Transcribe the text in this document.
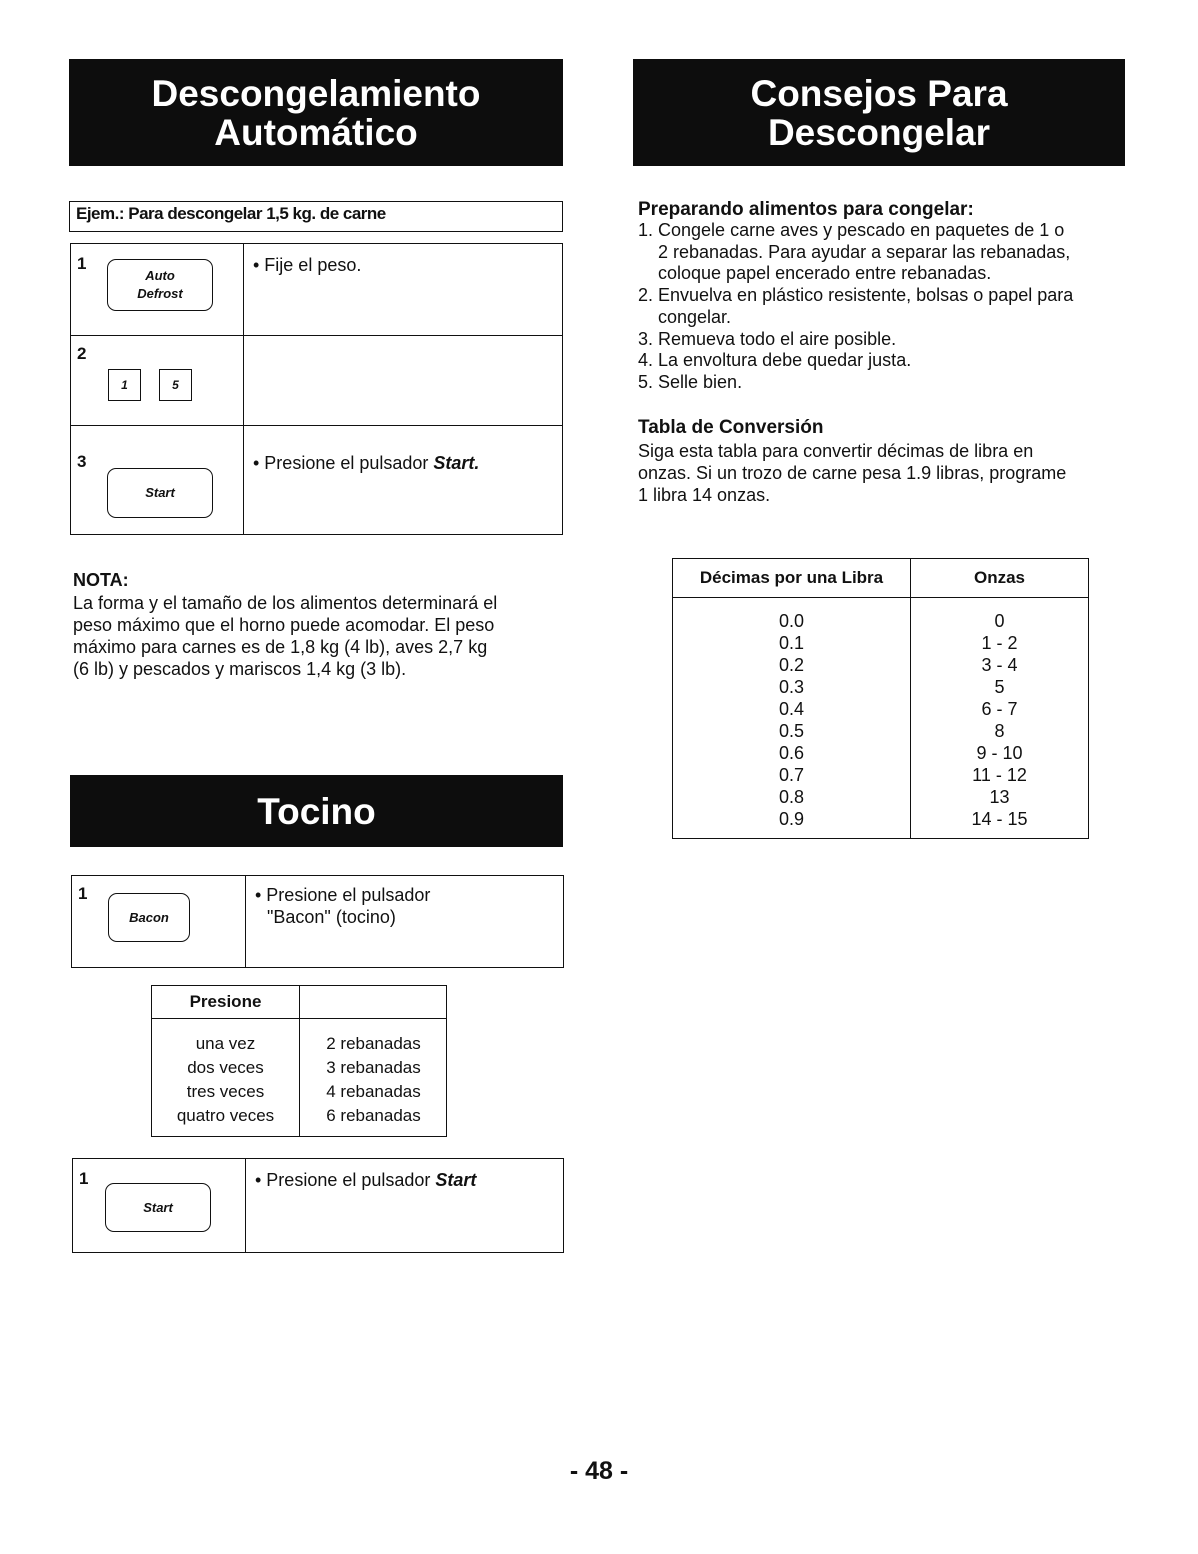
Descongelamiento
Automático
Ejem.: Para descongelar 1,5 kg. de carne
1
Auto
Defrost
• Fije el peso.
2
1	5
3
Start
• Presione el pulsador Start.
NOTA:
La forma y el tamaño de los alimentos determinará el
peso máximo que el horno puede acomodar. El peso
máximo para carnes es de 1,8 kg (4 lb), aves 2,7 kg
(6 lb) y pescados y mariscos 1,4 kg (3 lb).
Tocino
1
Bacon
• Presione el pulsador
"Bacon" (tocino)
Presione
una vez
dos veces
tres veces
quatro veces
2 rebanadas
3 rebanadas
4 rebanadas
6 rebanadas
1
Start
• Presione el pulsador Start
Consejos Para
Descongelar
Preparando alimentos para congelar:
1. Congele carne aves y pescado en paquetes de 1 o
2 rebanadas. Para ayudar a separar las rebanadas,
coloque papel encerado entre rebanadas.
2. Envuelva en plástico resistente, bolsas o papel para
congelar.
3. Remueva todo el aire posible.
4. La envoltura debe quedar justa.
5. Selle bien.
Tabla de Conversión
Siga esta tabla para convertir décimas de libra en
onzas. Si un trozo de carne pesa 1.9 libras, programe
1 libra 14 onzas.
Décimas por una Libra	Onzas
0.0
0.1
0.2
0.3
0.4
0.5
0.6
0.7
0.8
0.9
0
1 - 2
3 - 4
5
6 - 7
8
9 - 10
11 - 12
13
14 - 15
- 48 -
